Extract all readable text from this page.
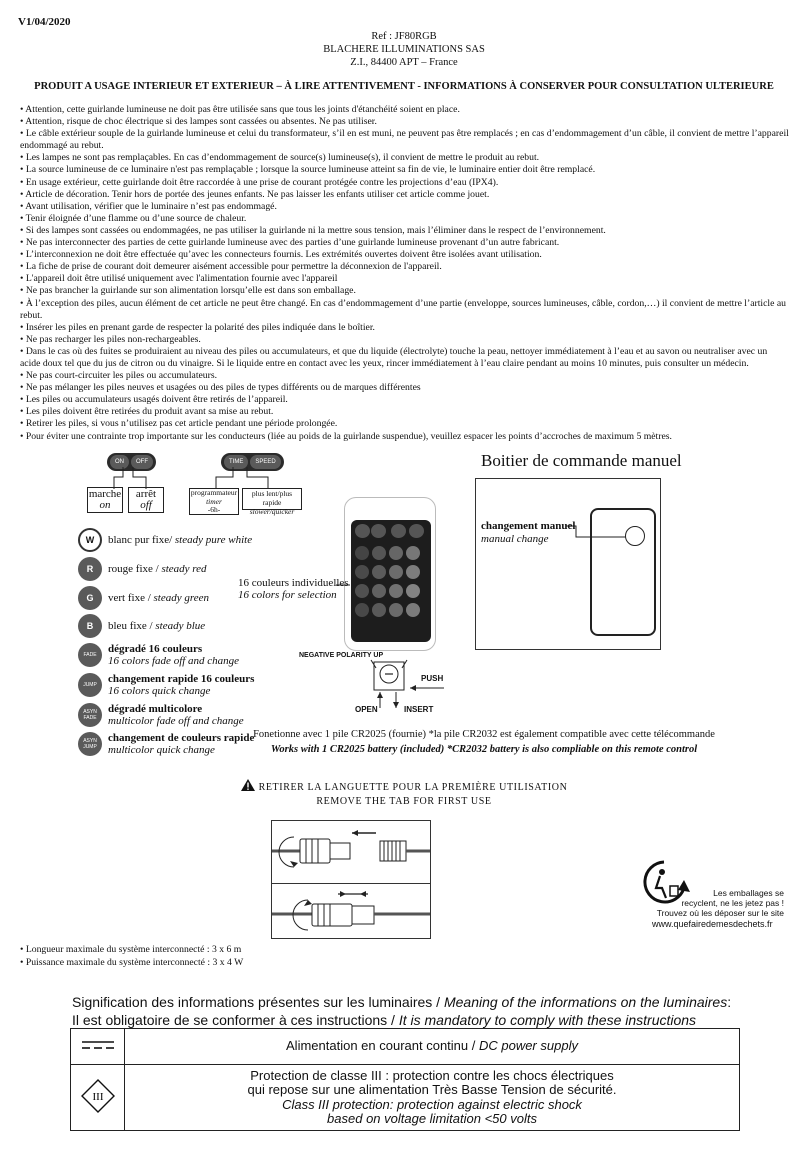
V1/04/2020
Ref : JF80RGB
BLACHERE ILLUMINATIONS SAS
Z.I., 84400 APT – France
PRODUIT A USAGE INTERIEUR ET EXTERIEUR – À LIRE ATTENTIVEMENT - INFORMATIONS À CONSERVER POUR CONSULTATION ULTERIEURE
• Attention, cette guirlande lumineuse ne doit pas être utilisée sans que tous les joints d'étanchéité soient en place.
• Attention, risque de choc électrique si des lampes sont cassées ou absentes. Ne pas utiliser.
• Le câble extérieur souple de la guirlande lumineuse et celui du transformateur, s’il en est muni, ne peuvent pas être remplacés ; en cas d’endommagement d’un câble, il convient de mettre l’appareil endommagé au rebut.
• Les lampes ne sont pas remplaçables. En cas d’endommagement de source(s) lumineuse(s), il convient de mettre le produit au rebut.
• La source lumineuse de ce luminaire n'est pas remplaçable ; lorsque la source lumineuse atteint sa fin de vie, le luminaire entier doit être remplacé.
• En usage extérieur, cette guirlande doit être raccordée à une prise de courant protégée contre les projections d’eau (IPX4).
• Article de décoration. Tenir hors de portée des jeunes enfants. Ne pas laisser les enfants utiliser cet article comme jouet.
• Avant utilisation, vérifier que le luminaire n’est pas endommagé.
• Tenir éloignée d’une flamme ou d’une source de chaleur.
• Si des lampes sont cassées ou endommagées, ne pas utiliser la guirlande ni la mettre sous tension, mais l’éliminer dans le respect de l’environnement.
• Ne pas interconnecter des parties de cette guirlande lumineuse avec des parties d’une guirlande lumineuse provenant d’un autre fabricant.
• L’interconnexion ne doit être effectuée qu’avec les connecteurs fournis. Les extrémités ouvertes doivent être isolées avant utilisation.
• La fiche de prise de courant doit demeurer aisément accessible pour permettre la déconnexion de l'appareil.
• L'appareil doit être utilisé uniquement avec l'alimentation fournie avec l'appareil
• Ne pas brancher la guirlande sur son alimentation lorsqu’elle est dans son emballage.
• À l’exception des piles, aucun élément de cet article ne peut être changé. En cas d’endommagement d’une partie (enveloppe, sources lumineuses, câble, cordon,…) il convient de mettre l’article au rebut.
• Insérer les piles en prenant garde de respecter la polarité des piles indiquée dans le boîtier.
• Ne pas recharger les piles non-rechargeables.
• Dans le cas où des fuites se produiraient au niveau des piles ou accumulateurs, et que du liquide (électrolyte) touche la peau, nettoyer immédiatement à l’eau et au savon ou neutraliser avec un acide doux tel que du jus de citron ou du vinaigre. Si le liquide entre en contact avec les yeux, rincer immédiatement à l’eau claire pendant au moins 10 minutes, puis consulter un médecin.
• Ne pas court-circuiter les piles ou accumulateurs.
• Ne pas mélanger les piles neuves et usagées ou des piles de types différents ou de marques différentes
• Les piles ou accumulateurs usagés doivent être retirés de l’appareil.
• Les piles doivent être retirées du produit avant sa mise au rebut.
• Retirer les piles, si vous n’utilisez pas cet article pendant une période prolongée.
• Pour éviter une contrainte trop importante sur les conducteurs (liée au poids de la guirlande suspendue), veuillez espacer les points d’accroches de maximum 5 mètres.
ON	OFF	TIME	SPEED
marche
on
arrêt
off
programmateur
timer
-6h-
plus lent/plus rapide
slower/quicker
W blanc pur fixe/ steady pure white
R rouge fixe / steady red
G vert fixe / steady green
B bleu fixe / steady blue
FADE dégradé 16 couleurs
16 colors fade off and change
JUMP changement rapide 16 couleurs
16 colors quick change
ASYN FADE
dégradé multicolore
multicolor fade off and change
ASYN JUMP
changement de couleurs rapide
multicolor quick change
16 couleurs individuelles
16 colors for selection
NEGATIVE POLARITY UP
PUSH
OPEN	INSERT
Boitier de commande manuel
changement manuel
manual change
Fonetionne avec 1 pile CR2025 (fournie) *la pile CR2032 est également compatible avec cette télécommande
Works with 1 CR2025 battery (included) *CR2032 battery is also compliable on this remote control
RETIRER LA LANGUETTE POUR LA PREMIÈRE UTILISATION
REMOVE THE TAB FOR FIRST USE
• Longueur maximale du système interconnecté : 3 x 6 m
• Puissance maximale du système interconnecté : 3 x 4 W
Les emballages se
recyclent, ne les jetez pas !
Trouvez où les déposer sur le site
www.quefairedemesdechets.fr
Signification des informations présentes sur les luminaires / Meaning of the informations on the luminaires:
Il est obligatoire de se conformer à ces instructions / It is mandatory to comply with these instructions
	Alimentation en courant continu / DC power supply

III	Protection de classe III : protection contre les chocs électriques
qui repose sur une alimentation Très Basse Tension de sécurité.
Class III protection: protection against electric shock
based on voltage limitation <50 volts
